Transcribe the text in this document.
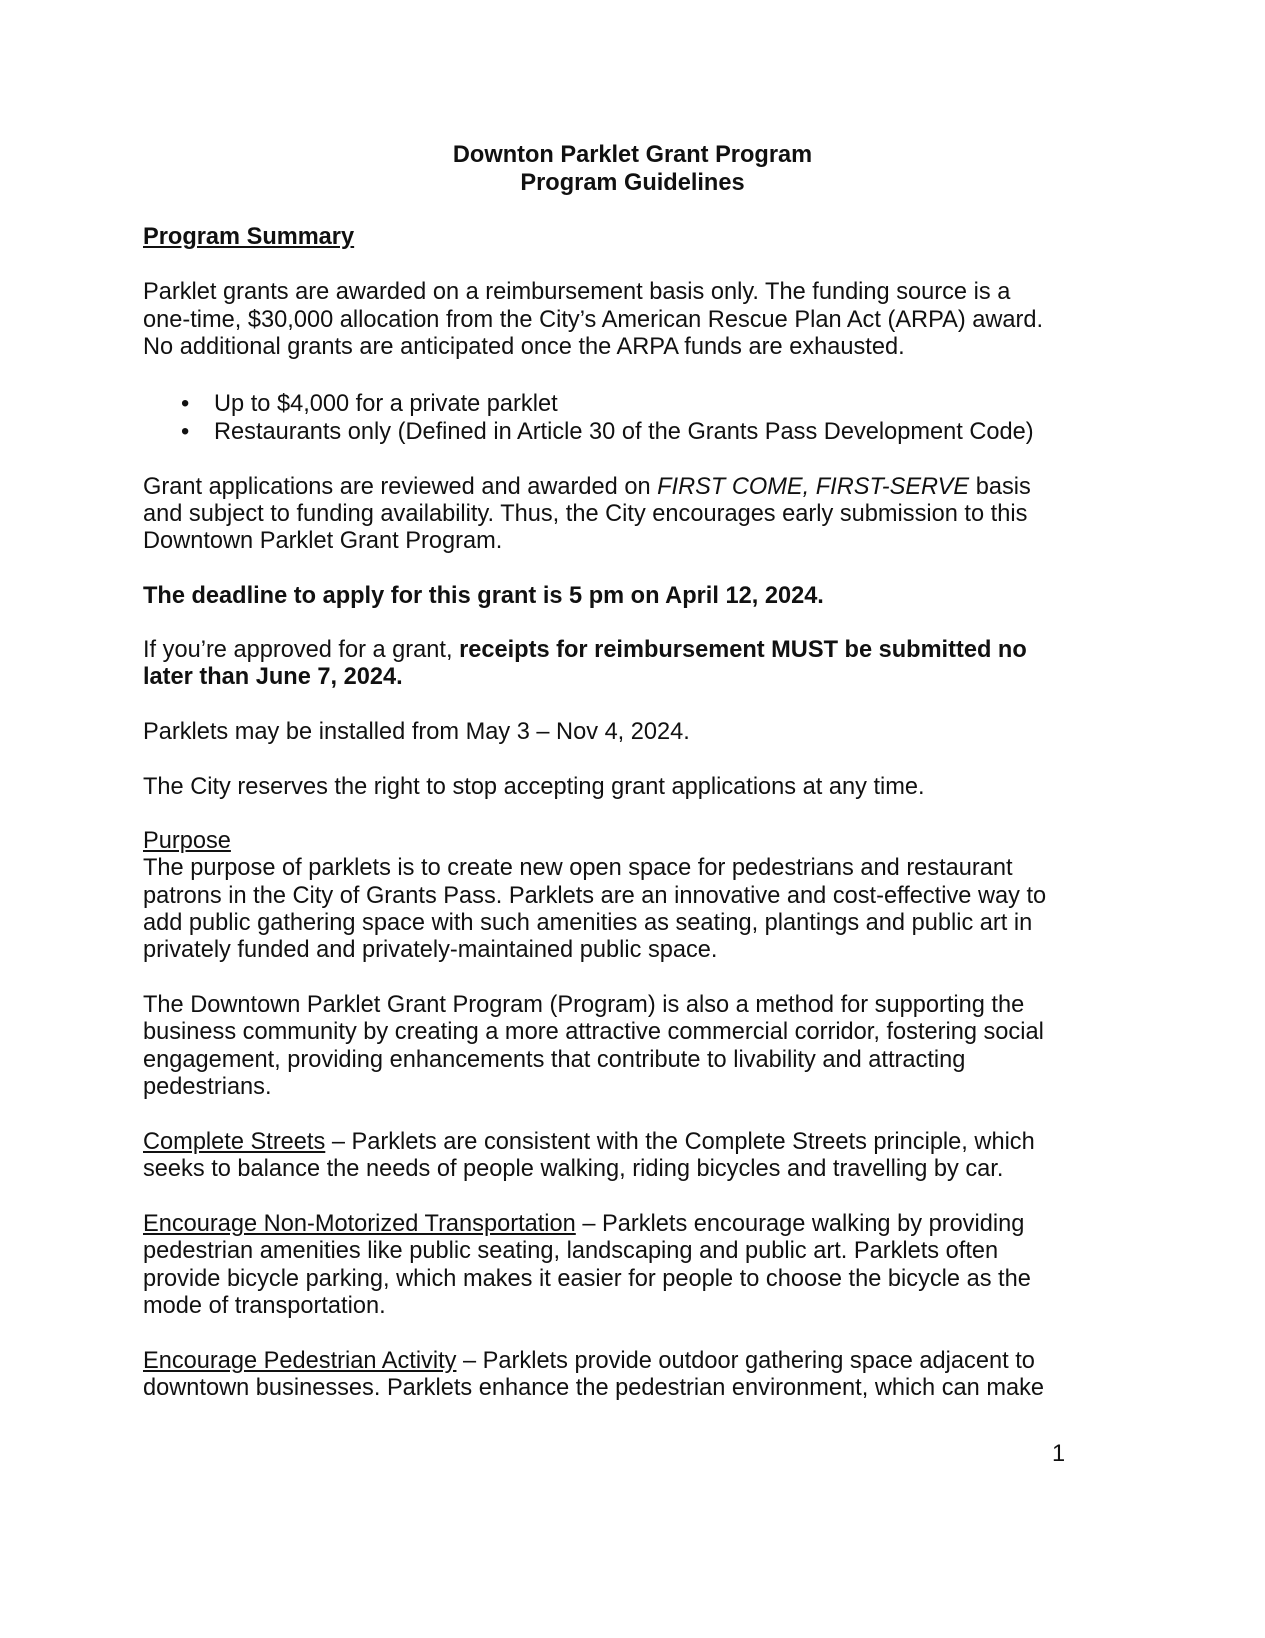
Downton Parklet Grant Program
Program Guidelines
Program Summary
Parklet grants are awarded on a reimbursement basis only. The funding source is a
one-time, $30,000 allocation from the City’s American Rescue Plan Act (ARPA) award.
No additional grants are anticipated once the ARPA funds are exhausted.
• Up to $4,000 for a private parklet
• Restaurants only (Defined in Article 30 of the Grants Pass Development Code)
Grant applications are reviewed and awarded on FIRST COME, FIRST-SERVE basis
and subject to funding availability. Thus, the City encourages early submission to this
Downtown Parklet Grant Program.
The deadline to apply for this grant is 5 pm on April 12, 2024.
If you’re approved for a grant, receipts for reimbursement MUST be submitted no
later than June 7, 2024.
Parklets may be installed from May 3 – Nov 4, 2024.
The City reserves the right to stop accepting grant applications at any time.
Purpose
The purpose of parklets is to create new open space for pedestrians and restaurant
patrons in the City of Grants Pass. Parklets are an innovative and cost-effective way to
add public gathering space with such amenities as seating, plantings and public art in
privately funded and privately-maintained public space.
The Downtown Parklet Grant Program (Program) is also a method for supporting the
business community by creating a more attractive commercial corridor, fostering social
engagement, providing enhancements that contribute to livability and attracting
pedestrians.
Complete Streets – Parklets are consistent with the Complete Streets principle, which
seeks to balance the needs of people walking, riding bicycles and travelling by car.
Encourage Non-Motorized Transportation – Parklets encourage walking by providing
pedestrian amenities like public seating, landscaping and public art. Parklets often
provide bicycle parking, which makes it easier for people to choose the bicycle as the
mode of transportation.
Encourage Pedestrian Activity – Parklets provide outdoor gathering space adjacent to
downtown businesses. Parklets enhance the pedestrian environment, which can make
1
